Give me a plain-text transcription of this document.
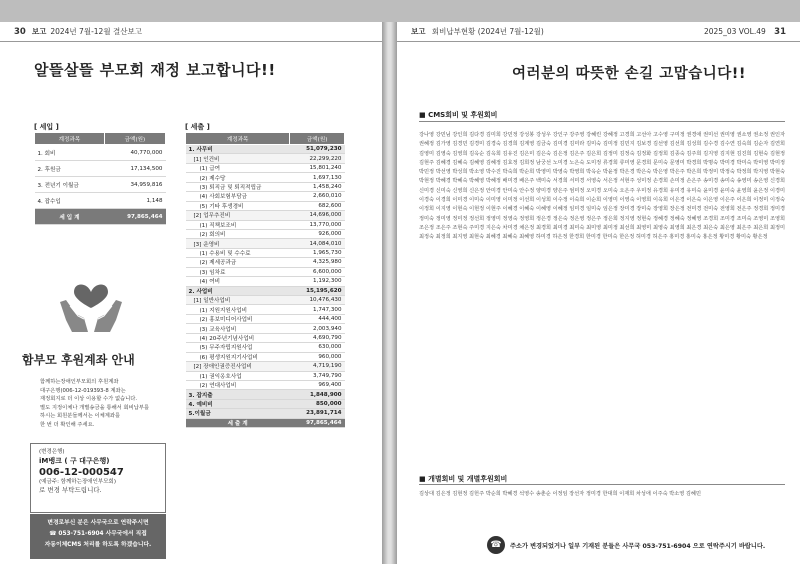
30 보고 2024년 7월-12월 결산보고
알뜰살뜰 부모회 재정 보고합니다!!
[ 세입 ]
계정과목	금액(원)
1. 회비	40,770,000
2. 후원금	17,134,500
3. 전년기 이월금	34,959,816
4. 잡수입	1,148
세 입 계	97,865,464
[ 세출 ]
계정과목	금액(원)
1. 사무비	51,079,230
[1] 인건비	22,299,220
(1) 급여	15,801,240
(2) 제수당	1,697,130
(3) 퇴직금 및 퇴직적립금	1,458,240
(4) 사회보험부담금	2,660,010
(5) 기타 후생경비	682,600
[2] 업무추진비	14,696,000
(1) 직책보조비	13,770,000
(2) 회의비	926,000
[3] 운영비	14,084,010
(1) 수용비 및 수수료	1,965,730
(2) 제세공과금	4,325,980
(3) 임차료	6,600,000
(4) 여비	1,192,300
2. 사업비	15,195,620
[1] 일반사업비	10,476,430
(1) 지원지원사업비	1,747,300
(2) 홍보미디어사업비	444,400
(3) 교육사업비	2,003,940
(4) 20주년기념사업비	4,690,790
(5) 무주자립지원사업	630,000
(6) 평생지원지기사업비	960,000
[2] 장애인권증진사업비	4,719,190
(1) 권익옹호사업	3,749,790
(2) 연대사업비	969,400
3. 잡지출	1,848,900
4. 예비비	850,000
5.이월금	23,891,714
세 출 계	97,865,464
함부모 후원계좌 안내
함께하는장애인부모회의 후원계좌
대구은행(006-12-019393-8 계좌는
재정회지로 더 이상 이용할 수가 없습니다.
별도 지정이체나 개별송금을 통해서 회비납부를
하시는 회원분들께서는 이체계좌를
한 번 더 확인해 주세요.
(변경은행)
iM뱅크 ( 구 대구은행)
006-12-000547
(예금주: 함께하는장애인부모회)
로 변경 부탁드립니다.
변경로부신 분은 사무국으로 연락주시면
☎ 053-751-6904 사무국에서 직접
자동이체CMS 처리를 하도록 하겠습니다.
보고 회비납부현황 (2024년 7월-12월)	2025_03 VOL.49 31
여러분의 따뜻한 손길 고맙습니다!!
■ CMS회비 및 후원회비
강나영 강민님 강인희 김다경 김미희 강민정 강성봉 강성우 강인구 강주영 강혜린 강혜정 고경희 고선아 고수영 구미정 권경애 권미선 권미영 권소영 권소정 권인자 권혜정 김가영 김경민 김경미 김경숙 김경희 김계영 김금숙 김미경 김미라 김미숙 김미정 김민지 김보경 김선영 김선희 김성희 김수경 김수연 김숙희 김순자 김연희 김영미 김영숙 김영희 김옥순 김옥희 김유진 김은미 김은숙 김은정 김은주 김은희 김정미 김정숙 김정화 김정희 김종숙 김주희 김지영 김지현 김진희 김현숙 김현정 김현주 김혜경 김혜숙 김혜영 김혜정 김효정 김희정 남궁선 노미경 노은숙 도미정 류경희 류미영 문경희 문미숙 문영미 박경희 박명숙 박미경 박미숙 박미영 박미정 박민정 박선영 박성희 박소영 박수진 박숙희 박순희 박영미 박영숙 박영희 박옥순 박윤정 박은경 박은숙 박은영 박은주 박은희 박정미 박정숙 박정희 박지영 박현숙 박현정 박혜경 박혜숙 박혜영 박혜정 배미경 배은주 백미숙 서경희 서미경 서영숙 서은정 서현주 성미정 손경희 손미정 손은주 송미경 송미숙 송영미 송은영 신경희 신미경 신미숙 신영희 신은정 안미경 안미숙 안수정 양미경 양은주 엄미정 오미경 오미숙 오은주 우미정 유경희 유미경 유미숙 윤미경 윤미숙 윤영희 윤은정 이경미 이경숙 이경희 이미경 이미숙 이미영 이미정 이선희 이성희 이수정 이숙희 이순희 이영미 이영숙 이영희 이옥희 이은경 이은숙 이은영 이은주 이은희 이정미 이정숙 이정희 이지영 이현숙 이현정 이현주 이혜경 이혜숙 이혜영 이혜정 임미경 임미숙 임은정 장미경 장미숙 장영희 장은정 전미경 전미숙 전영희 전은주 정경희 정미경 정미숙 정미영 정미정 정선희 정영미 정영숙 정영희 정은경 정은숙 정은영 정은주 정은희 정지영 정현숙 정혜경 정혜숙 정혜영 조경희 조미경 조미숙 조영미 조영희 조은정 조은주 조현숙 주미경 지은숙 차미경 채은정 최경희 최미경 최미숙 최미영 최미정 최선희 최영미 최영숙 최영희 최은경 최은숙 최은영 최은주 최은희 최정미 최정숙 최정희 최지영 최현숙 최혜경 최혜숙 최혜영 하미경 하은정 한경희 한미경 한미숙 한은정 허미경 허은주 홍미경 홍미숙 홍은정 황미경 황미숙 황은정
■ 개별회비 및 개별후원회비
김상대 김은정 김현정 김헌주 박순희 박혜경 석영수 송춘순 이정임 장선자 정미경 한대희 이재희 차성애 이주숙 박소영 김혜민
☎	주소가 변경되었거나 일부 기재된 분들은 사무국 053-751-6904 으로 연락주시기 바랍니다.
